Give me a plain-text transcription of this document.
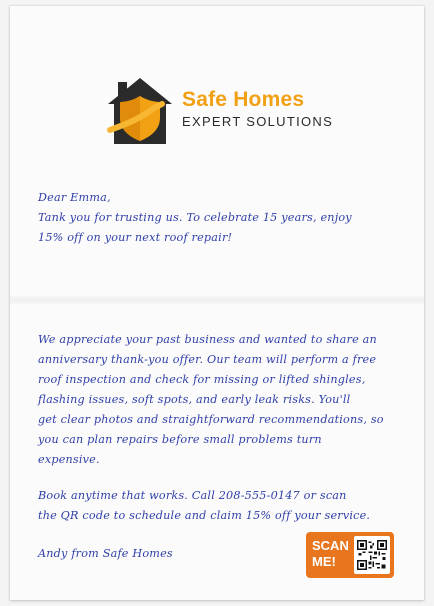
Safe Homes
EXPERT SOLUTIONS
Dear Emma,
Tank you for trusting us. To celebrate 15 years, enjoy
15% off on your next roof repair!
We appreciate your past business and wanted to share an
anniversary thank-you offer. Our team will perform a free
roof inspection and check for missing or lifted shingles,
flashing issues, soft spots, and early leak risks. You'll
get clear photos and straightforward recommendations, so
you can plan repairs before small problems turn
expensive.
Book anytime that works. Call 208-555-0147 or scan
the QR code to schedule and claim 15% off your service.
Andy from Safe Homes
SCAN
ME!
